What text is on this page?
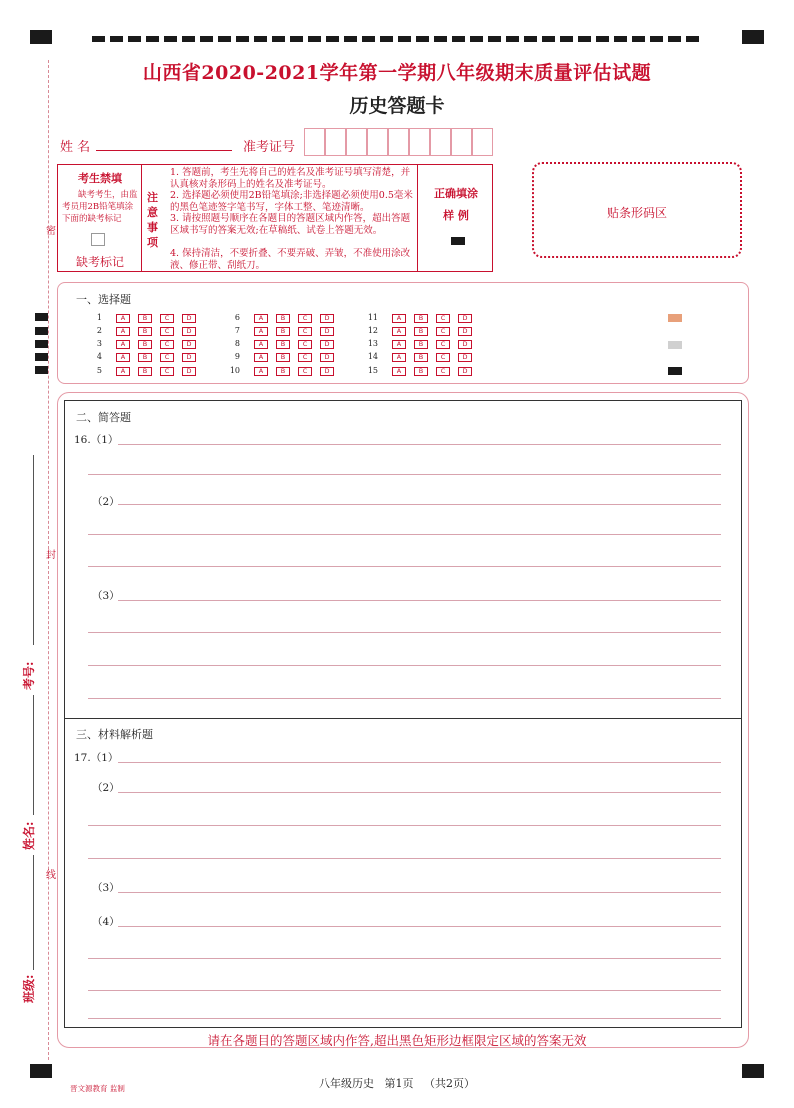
密
封
线
考号:
姓名:
班级:
山西省2020-2021学年第一学期八年级期末质量评估试题
历史答题卡
姓 名	准考证号
考生禁填
缺考考生，由监考员用2B铅笔填涂下面的缺考标记
缺考标记
注意事项
1. 答题前，考生先将自己的姓名及准考证号填写清楚，并认真核对条形码上的姓名及准考证号。
2. 选择题必须使用2B铅笔填涂;非选择题必须使用0.5毫米的黑色笔迹签字笔书写，字体工整、笔迹清晰。
3. 请按照题号顺序在各题目的答题区域内作答，超出答题区域书写的答案无效;在草稿纸、试卷上答题无效。
4. 保持清洁，不要折叠、不要弄破、弄皱，不准使用涂改液、修正带、刮纸刀。
正确填涂
样 例	贴条形码区
一、选择题
1	A	B	C	D
2	A	B	C	D
3	A	B	C	D
4	A	B	C	D
5	A	B	C	D
6	A	B	C	D
7	A	B	C	D
8	A	B	C	D
9	A	B	C	D
10	A	B	C	D
11	A	B	C	D
12	A	B	C	D
13	A	B	C	D
14	A	B	C	D
15	A	B	C	D
二、简答题
16.（1）
（2）
（3）
三、材料解析题
17.（1）
（2）
（3）
（4）
请在各题目的答题区域内作答,超出黑色矩形边框限定区域的答案无效
晋文源教育 监制	八年级历史   第1页   （共2页）
